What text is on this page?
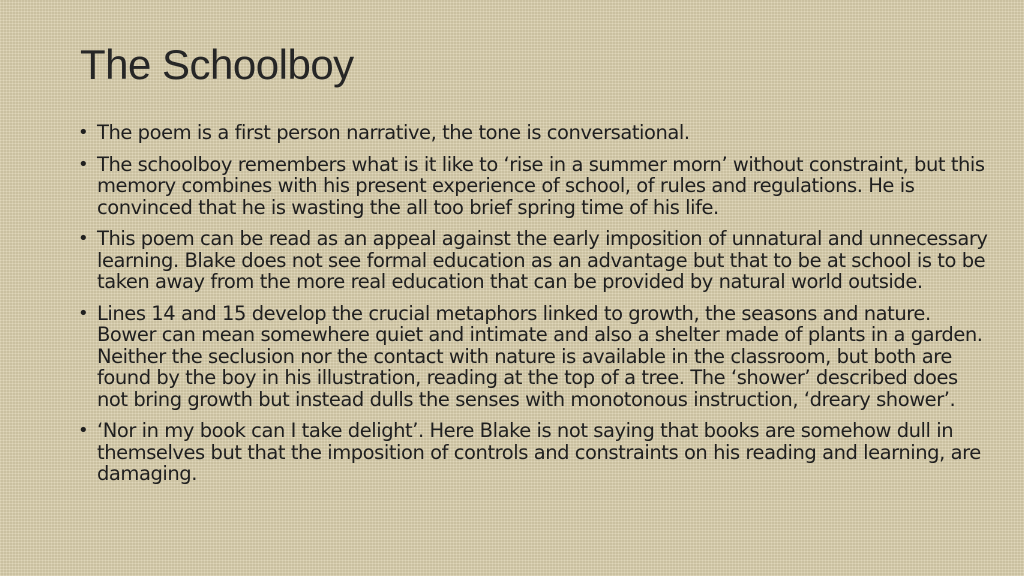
The Schoolboy
• The poem is a first person narrative, the tone is conversational.
• The schoolboy remembers what is it like to ‘rise in a summer morn’ without constraint, but this memory combines with his present experience of school, of rules and regulations. He is convinced that he is wasting the all too brief spring time of his life.
• This poem can be read as an appeal against the early imposition of unnatural and unnecessary learning. Blake does not see formal education as an advantage but that to be at school is to be taken away from the more real education that can be provided by natural world outside.
• Lines 14 and 15 develop the crucial metaphors linked to growth, the seasons and nature. Bower can mean somewhere quiet and intimate and also a shelter made of plants in a garden. Neither the seclusion nor the contact with nature is available in the classroom, but both are found by the boy in his illustration, reading at the top of a tree. The ‘shower’ described does not bring growth but instead dulls the senses with monotonous instruction, ‘dreary shower’.
• ‘Nor in my book can I take delight’. Here Blake is not saying that books are somehow dull in themselves but that the imposition of controls and constraints on his reading and learning, are damaging.
